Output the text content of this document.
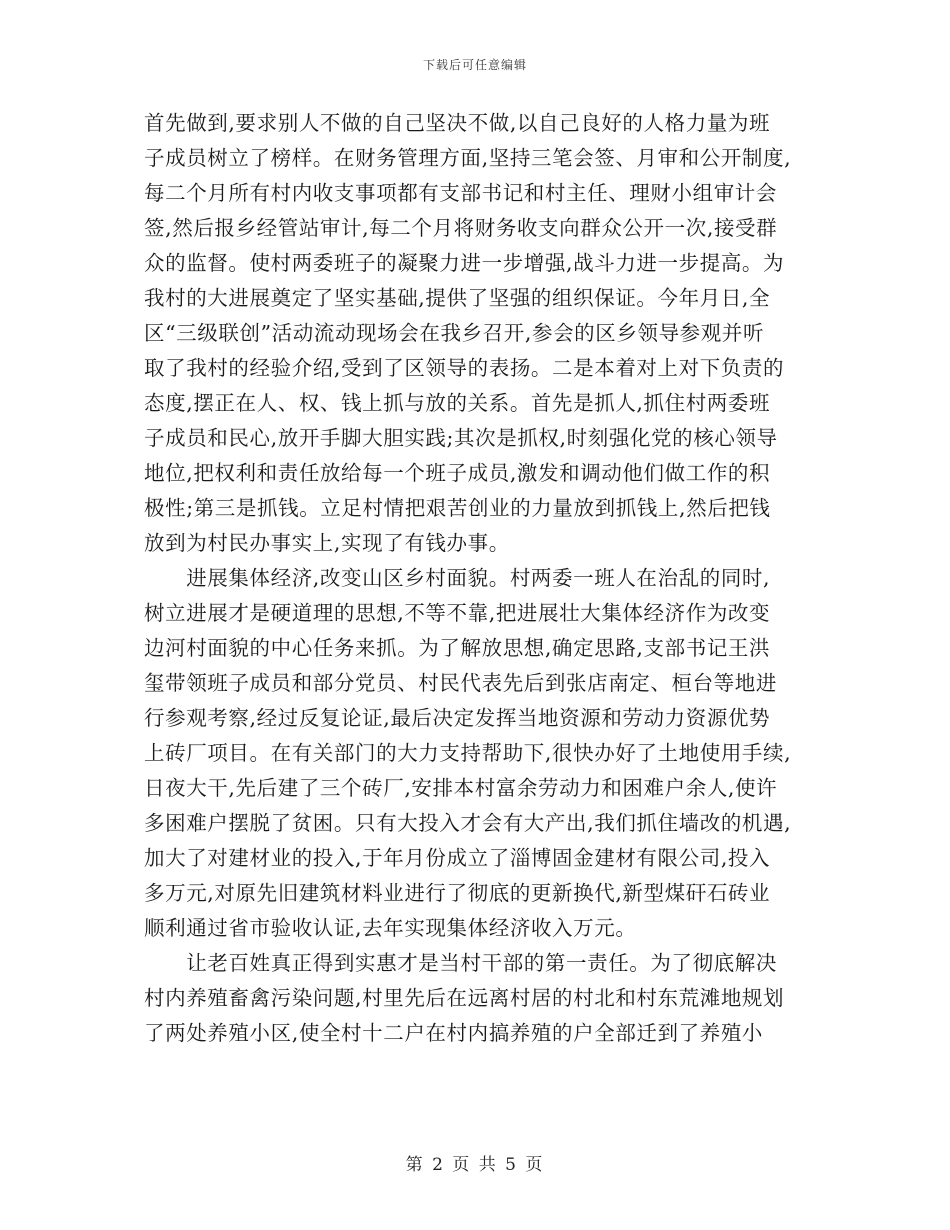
下载后可任意编辑
首先做到,要求别人不做的自己坚决不做,以自己良好的人格力量为班
子成员树立了榜样。在财务管理方面,坚持三笔会签、月审和公开制度,
每二个月所有村内收支事项都有支部书记和村主任、理财小组审计会
签,然后报乡经管站审计,每二个月将财务收支向群众公开一次,接受群
众的监督。使村两委班子的凝聚力进一步增强,战斗力进一步提高。为
我村的大进展奠定了坚实基础,提供了坚强的组织保证。今年月日,全
区“三级联创”活动流动现场会在我乡召开,参会的区乡领导参观并听
取了我村的经验介绍,受到了区领导的表扬。二是本着对上对下负责的
态度,摆正在人、权、钱上抓与放的关系。首先是抓人,抓住村两委班
子成员和民心,放开手脚大胆实践;其次是抓权,时刻强化党的核心领导
地位,把权利和责任放给每一个班子成员,激发和调动他们做工作的积
极性;第三是抓钱。立足村情把艰苦创业的力量放到抓钱上,然后把钱
放到为村民办事实上,实现了有钱办事。
　　进展集体经济,改变山区乡村面貌。村两委一班人在治乱的同时,
树立进展才是硬道理的思想,不等不靠,把进展壮大集体经济作为改变
边河村面貌的中心任务来抓。为了解放思想,确定思路,支部书记王洪
玺带领班子成员和部分党员、村民代表先后到张店南定、桓台等地进
行参观考察,经过反复论证,最后决定发挥当地资源和劳动力资源优势
上砖厂项目。在有关部门的大力支持帮助下,很快办好了土地使用手续,
日夜大干,先后建了三个砖厂,安排本村富余劳动力和困难户余人,使许
多困难户摆脱了贫困。只有大投入才会有大产出,我们抓住墙改的机遇,
加大了对建材业的投入,于年月份成立了淄博固金建材有限公司,投入
多万元,对原先旧建筑材料业进行了彻底的更新换代,新型煤矸石砖业
顺利通过省市验收认证,去年实现集体经济收入万元。
　　让老百姓真正得到实惠才是当村干部的第一责任。为了彻底解决
村内养殖畜禽污染问题,村里先后在远离村居的村北和村东荒滩地规划
了两处养殖小区,使全村十二户在村内搞养殖的户全部迁到了养殖小
第 2 页 共 5 页
